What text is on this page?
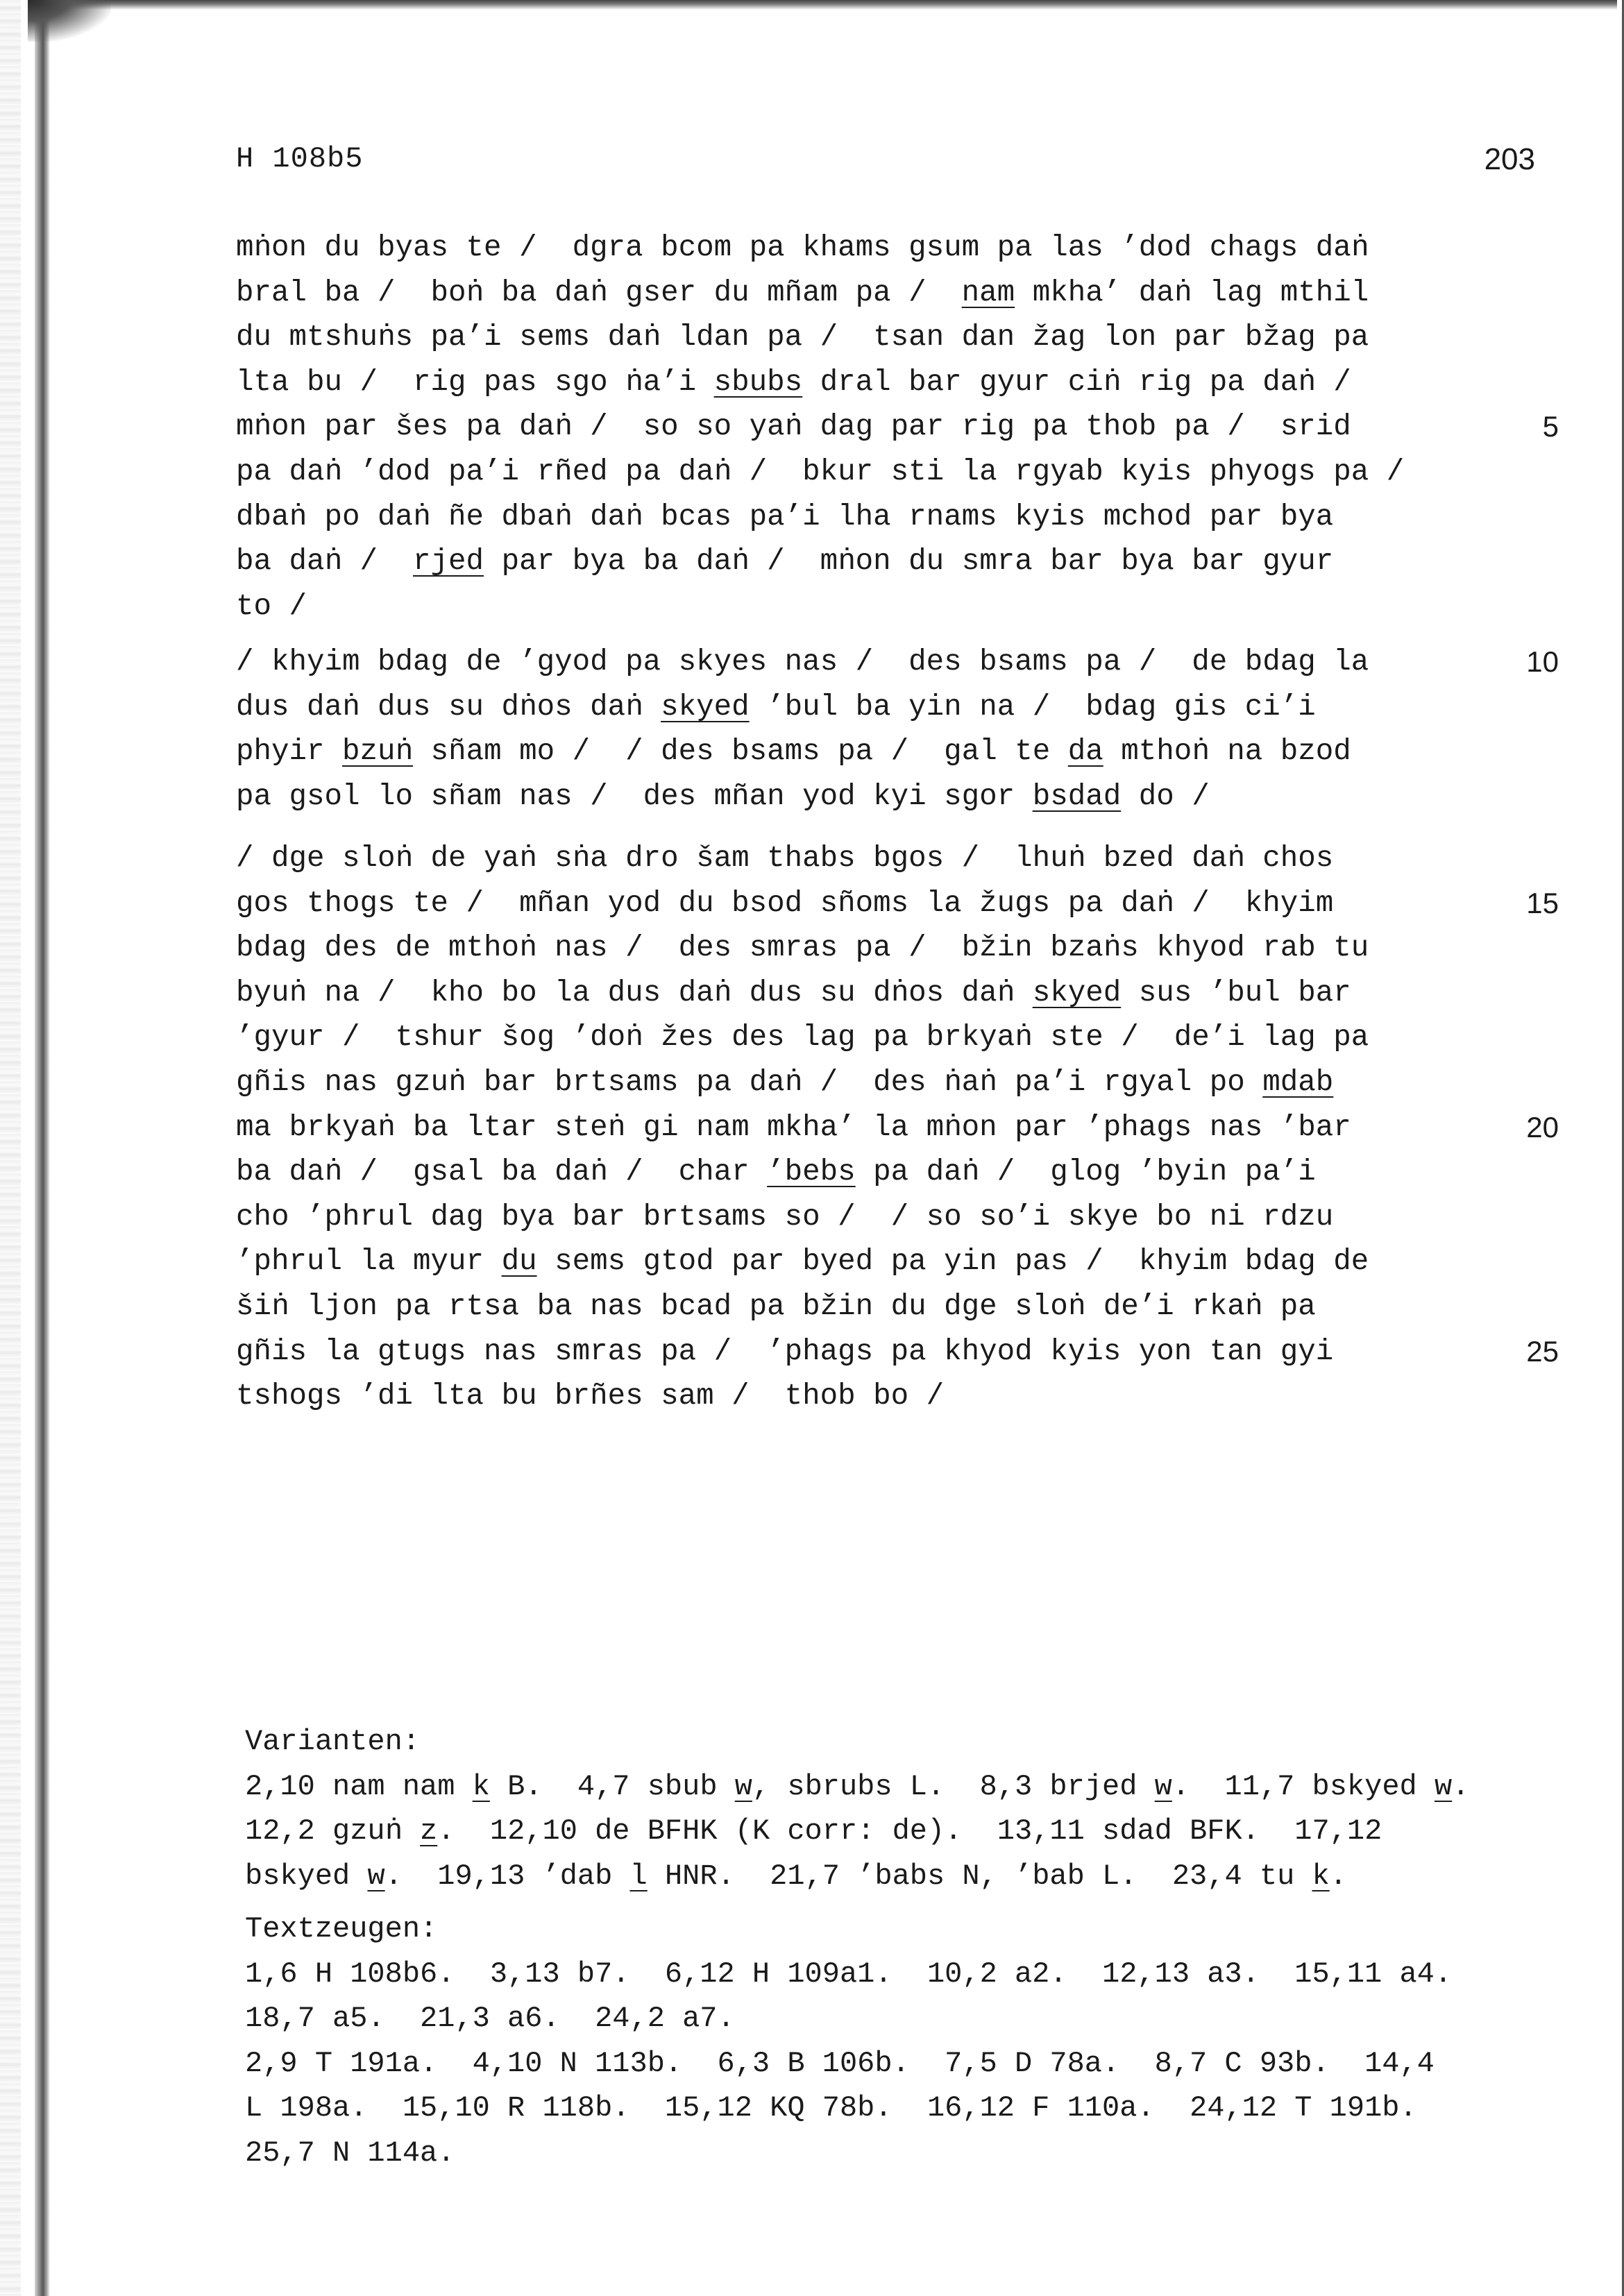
H 108b5	203
mṅon du byas te /  dgra bcom pa khams gsum pa las ’dod chags daṅ
bral ba /  boṅ ba daṅ gser du mñam pa /  nam mkha’ daṅ lag mthil
du mtshuṅs pa’i sems daṅ ldan pa /  tsan dan žag lon par bžag pa
lta bu /  rig pas sgo ṅa’i sbubs dral bar gyur ciṅ rig pa daṅ /
mṅon par šes pa daṅ /  so so yaṅ dag par rig pa thob pa /  srid	5
pa daṅ ’dod pa’i rñed pa daṅ /  bkur sti la rgyab kyis phyogs pa /
dbaṅ po daṅ ñe dbaṅ daṅ bcas pa’i lha rnams kyis mchod par bya
ba daṅ /  rjed par bya ba daṅ /  mṅon du smra bar bya bar gyur
to /
/ khyim bdag de ’gyod pa skyes nas /  des bsams pa /  de bdag la	10
dus daṅ dus su dṅos daṅ skyed ’bul ba yin na /  bdag gis ci’i
phyir bzuṅ sñam mo /  / des bsams pa /  gal te da mthoṅ na bzod
pa gsol lo sñam nas /  des mñan yod kyi sgor bsdad do /
/ dge sloṅ de yaṅ sṅa dro šam thabs bgos /  lhuṅ bzed daṅ chos
gos thogs te /  mñan yod du bsod sñoms la žugs pa daṅ /  khyim	15
bdag des de mthoṅ nas /  des smras pa /  bžin bzaṅs khyod rab tu
byuṅ na /  kho bo la dus daṅ dus su dṅos daṅ skyed sus ’bul bar
’gyur /  tshur šog ’doṅ žes des lag pa brkyaṅ ste /  de’i lag pa
gñis nas gzuṅ bar brtsams pa daṅ /  des ṅaṅ pa’i rgyal po mdab
ma brkyaṅ ba ltar steṅ gi nam mkha’ la mṅon par ’phags nas ’bar	20
ba daṅ /  gsal ba daṅ /  char ’bebs pa daṅ /  glog ’byin pa’i
cho ’phrul dag bya bar brtsams so /  / so so’i skye bo ni rdzu
’phrul la myur du sems gtod par byed pa yin pas /  khyim bdag de
šiṅ ljon pa rtsa ba nas bcad pa bžin du dge sloṅ de’i rkaṅ pa
gñis la gtugs nas smras pa /  ’phags pa khyod kyis yon tan gyi	25
tshogs ’di lta bu brñes sam /  thob bo /
Varianten:
2,10 nam nam k B.  4,7 sbub w, sbrubs L.  8,3 brjed w.  11,7 bskyed w.
12,2 gzuṅ z.  12,10 de BFHK (K corr: de).  13,11 sdad BFK.  17,12
bskyed w.  19,13 ’dab l HNR.  21,7 ’babs N, ’bab L.  23,4 tu k.
Textzeugen:
1,6 H 108b6.  3,13 b7.  6,12 H 109a1.  10,2 a2.  12,13 a3.  15,11 a4.
18,7 a5.  21,3 a6.  24,2 a7.
2,9 T 191a.  4,10 N 113b.  6,3 B 106b.  7,5 D 78a.  8,7 C 93b.  14,4
L 198a.  15,10 R 118b.  15,12 KQ 78b.  16,12 F 110a.  24,12 T 191b.
25,7 N 114a.
